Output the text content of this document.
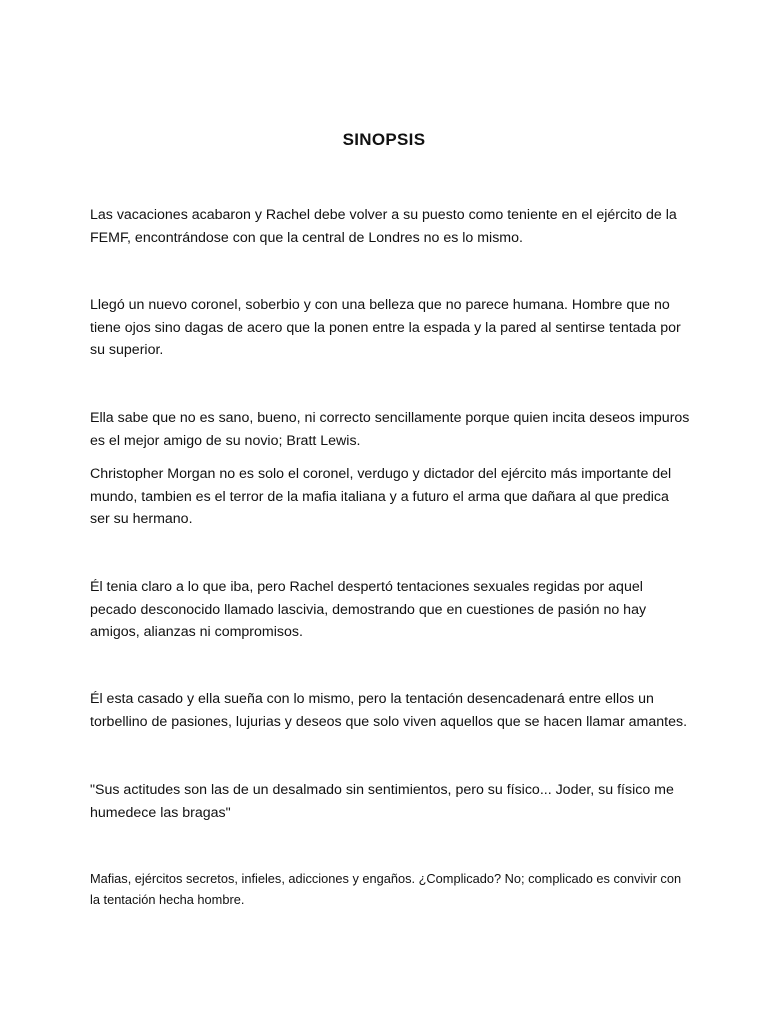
SINOPSIS

Las vacaciones acabaron y Rachel debe volver a su puesto como teniente en el ejército de la FEMF, encontrándose con que la central de Londres no es lo mismo.

Llegó un nuevo coronel, soberbio y con una belleza que no parece humana. Hombre que no tiene ojos sino dagas de acero que la ponen entre la espada y la pared al sentirse tentada por su superior.

Ella sabe que no es sano, bueno, ni correcto sencillamente porque quien incita deseos impuros es el mejor amigo de su novio; Bratt Lewis.

Christopher Morgan no es solo el coronel, verdugo y dictador del ejército más importante del mundo, tambien es el terror de la mafia italiana y a futuro el arma que dañara al que predica ser su hermano.

Él tenia claro a lo que iba, pero Rachel despertó tentaciones sexuales regidas por aquel pecado desconocido llamado lascivia, demostrando que en cuestiones de pasión no hay amigos, alianzas ni compromisos.

Él esta casado y ella sueña con lo mismo, pero la tentación desencadenará entre ellos un torbellino de pasiones, lujurias y deseos que solo viven aquellos que se hacen llamar amantes.

"Sus actitudes son las de un desalmado sin sentimientos, pero su físico... Joder, su físico me humedece las bragas"

Mafias, ejércitos secretos, infieles, adicciones y engaños. ¿Complicado? No; complicado es convivir con la tentación hecha hombre.
